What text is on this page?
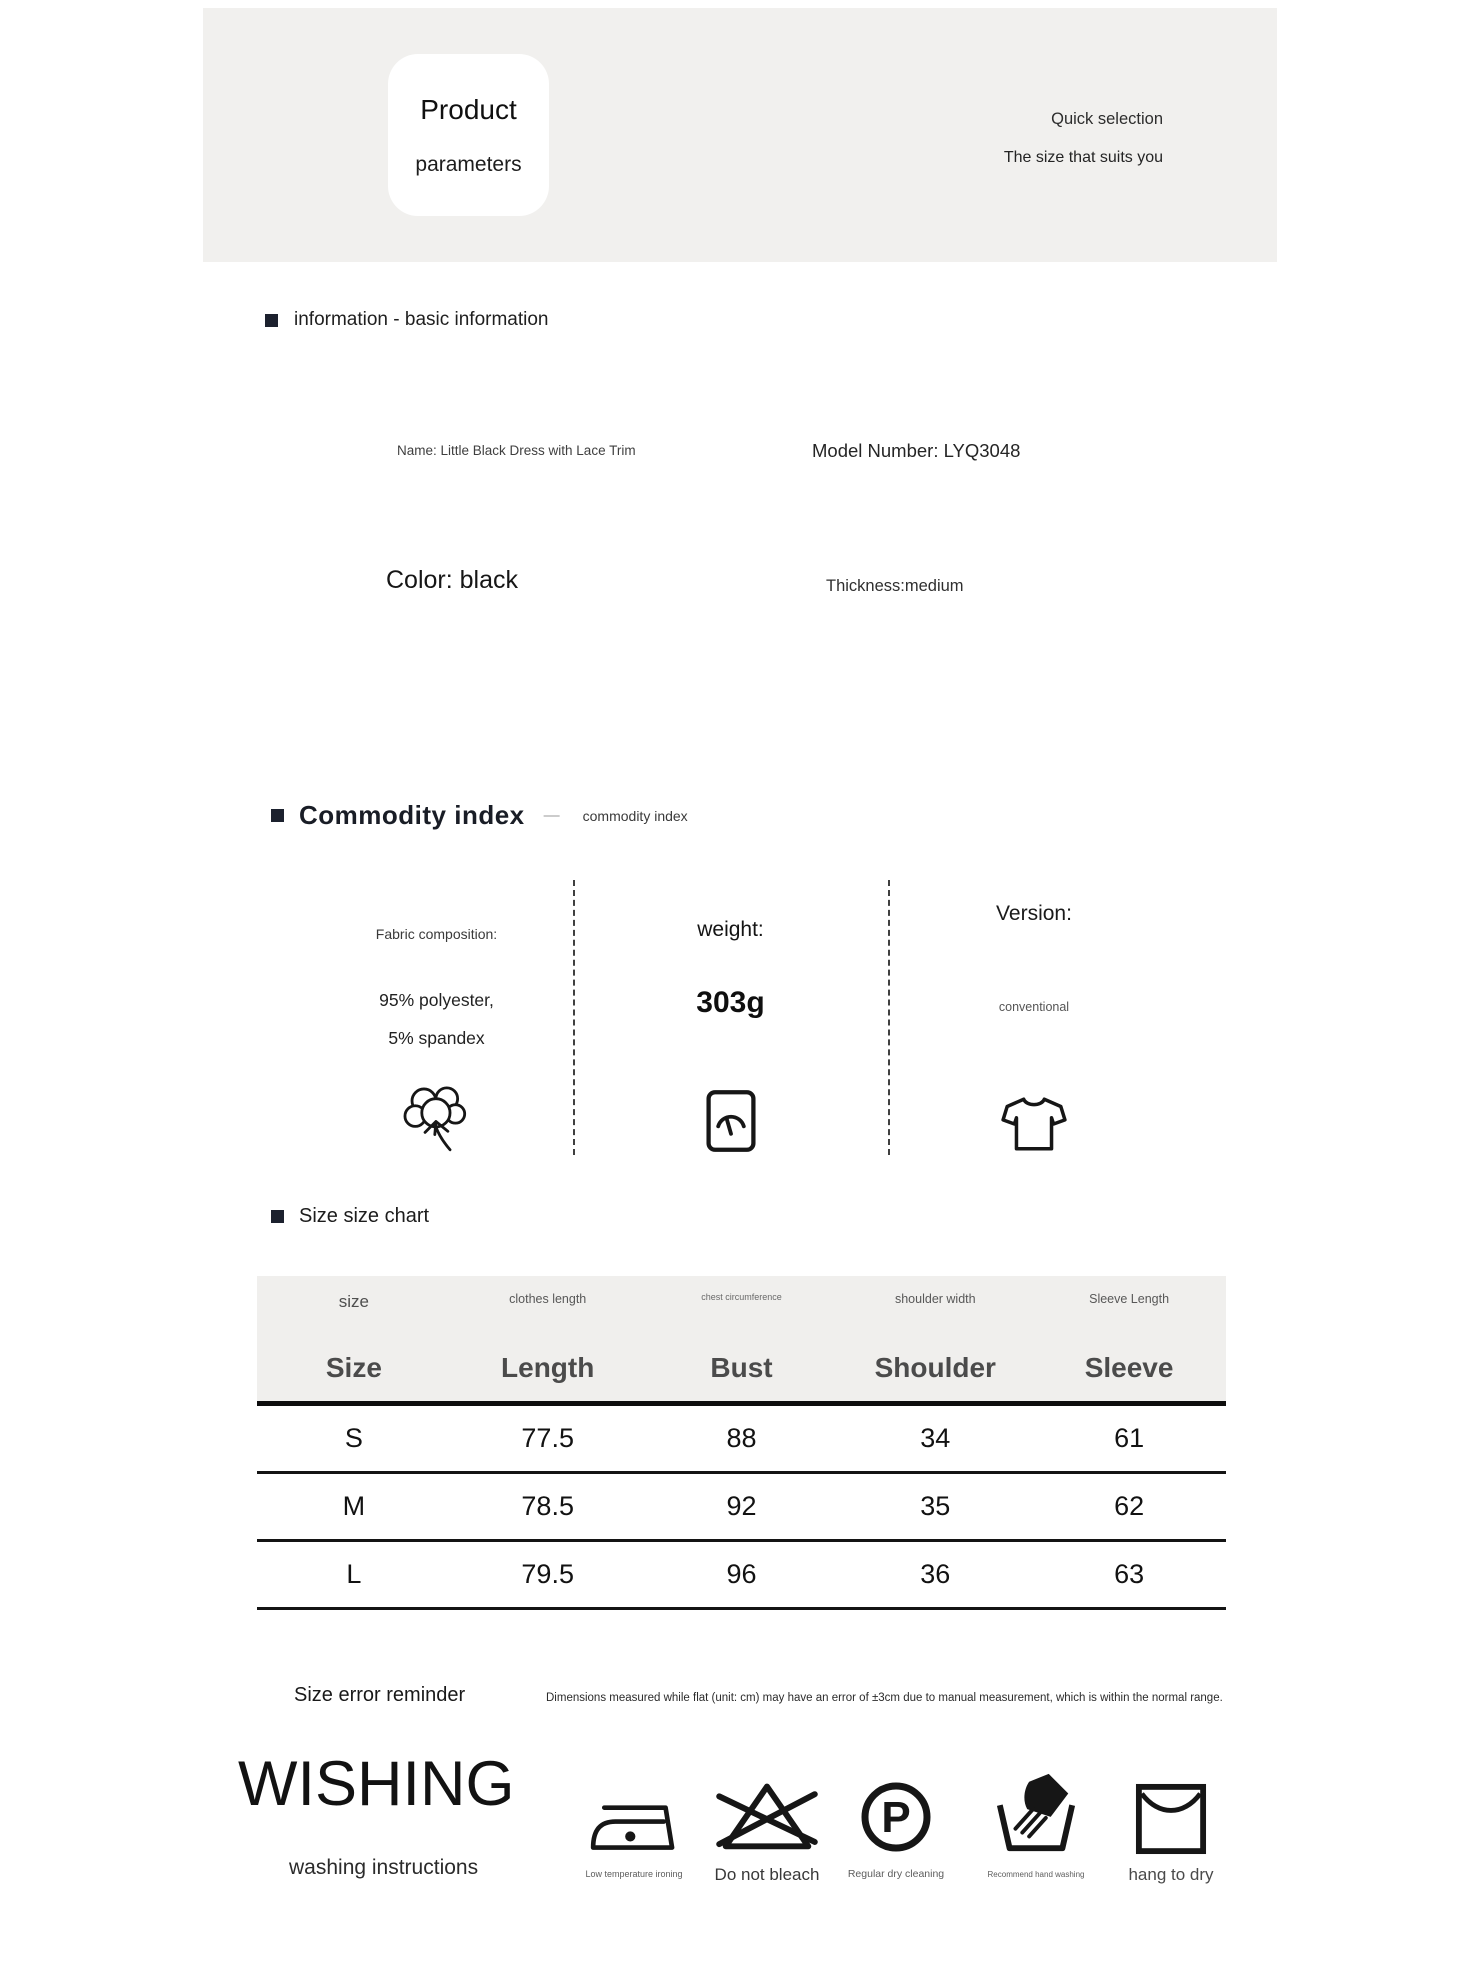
Product
parameters
Quick selection
The size that suits you
information - basic information
Name: Little Black Dress with Lace Trim	Model Number: LYQ3048
Color: black	Thickness:medium
Commodity index — commodity index
Fabric composition:
95% polyester,
5% spandex
weight:
303g
Version:
conventional
Size size chart
size	clothes length	chest circumference	shoulder width	Sleeve Length
Size	Length	Bust	Shoulder	Sleeve
S	77.5	88	34	61
M	78.5	92	35	62
L	79.5	96	36	63
Size error reminder	Dimensions measured while flat (unit: cm) may have an error of ±3cm due to manual measurement, which is within the normal range.
WISHING
washing instructions	Low temperature ironing Do not bleach
P
Regular dry cleaning	Recommend hand washing	hang to dry
